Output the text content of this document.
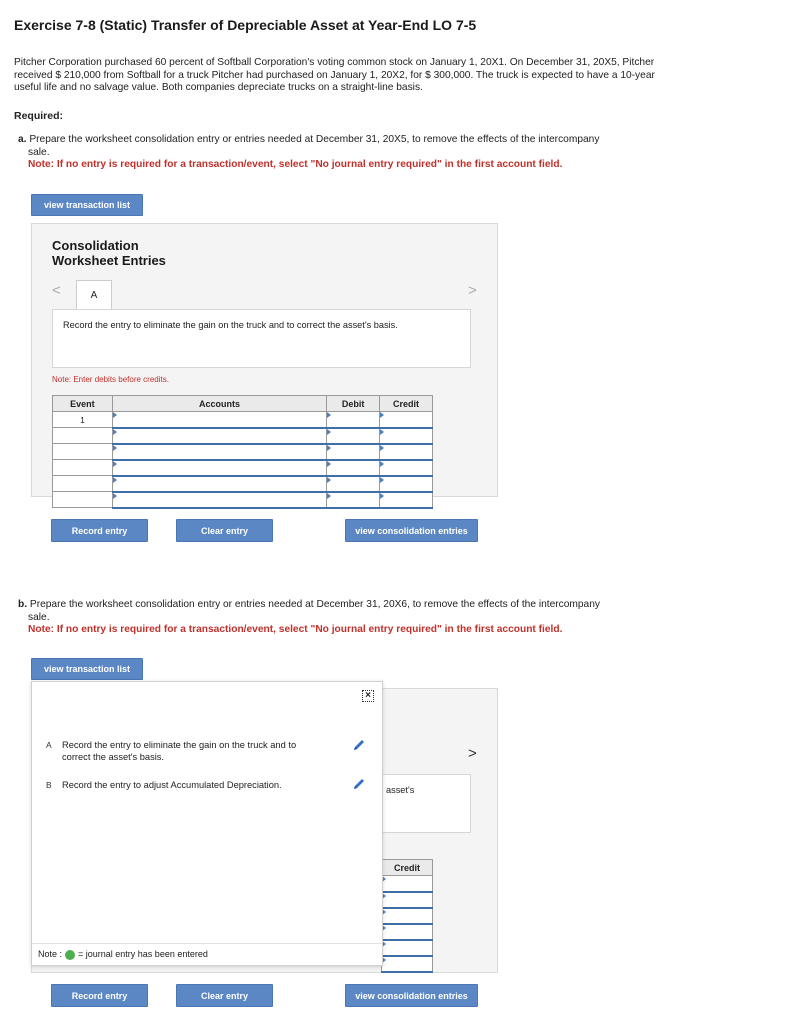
Exercise 7-8 (Static) Transfer of Depreciable Asset at Year-End LO 7-5
Pitcher Corporation purchased 60 percent of Softball Corporation's voting common stock on January 1, 20X1. On December 31, 20X5, Pitcher received $ 210,000 from Softball for a truck Pitcher had purchased on January 1, 20X2, for $ 300,000. The truck is expected to have a 10-year useful life and no salvage value. Both companies depreciate trucks on a straight-line basis.
Required:
a. Prepare the worksheet consolidation entry or entries needed at December 31, 20X5, to remove the effects of the intercompany
sale.
Note: If no entry is required for a transaction/event, select "No journal entry required" in the first account field.
view transaction list
Consolidation
Worksheet Entries
<	>
A
Record the entry to eliminate the gain on the truck and to correct the asset's basis.
Note: Enter debits before credits.
Event	Accounts	Debit	Credit
1			

Record entry	Clear entry	view consolidation entries
b. Prepare the worksheet consolidation entry or entries needed at December 31, 20X6, to remove the effects of the intercompany
sale.
Note: If no entry is required for a transaction/event, select "No journal entry required" in the first account field.
view transaction list
>
asset's
Credit

×
A Record the entry to eliminate the gain on the truck and to
correct the asset's basis.
B Record the entry to adjust Accumulated Depreciation.
Note : = journal entry has been entered
Record entry	Clear entry	view consolidation entries
